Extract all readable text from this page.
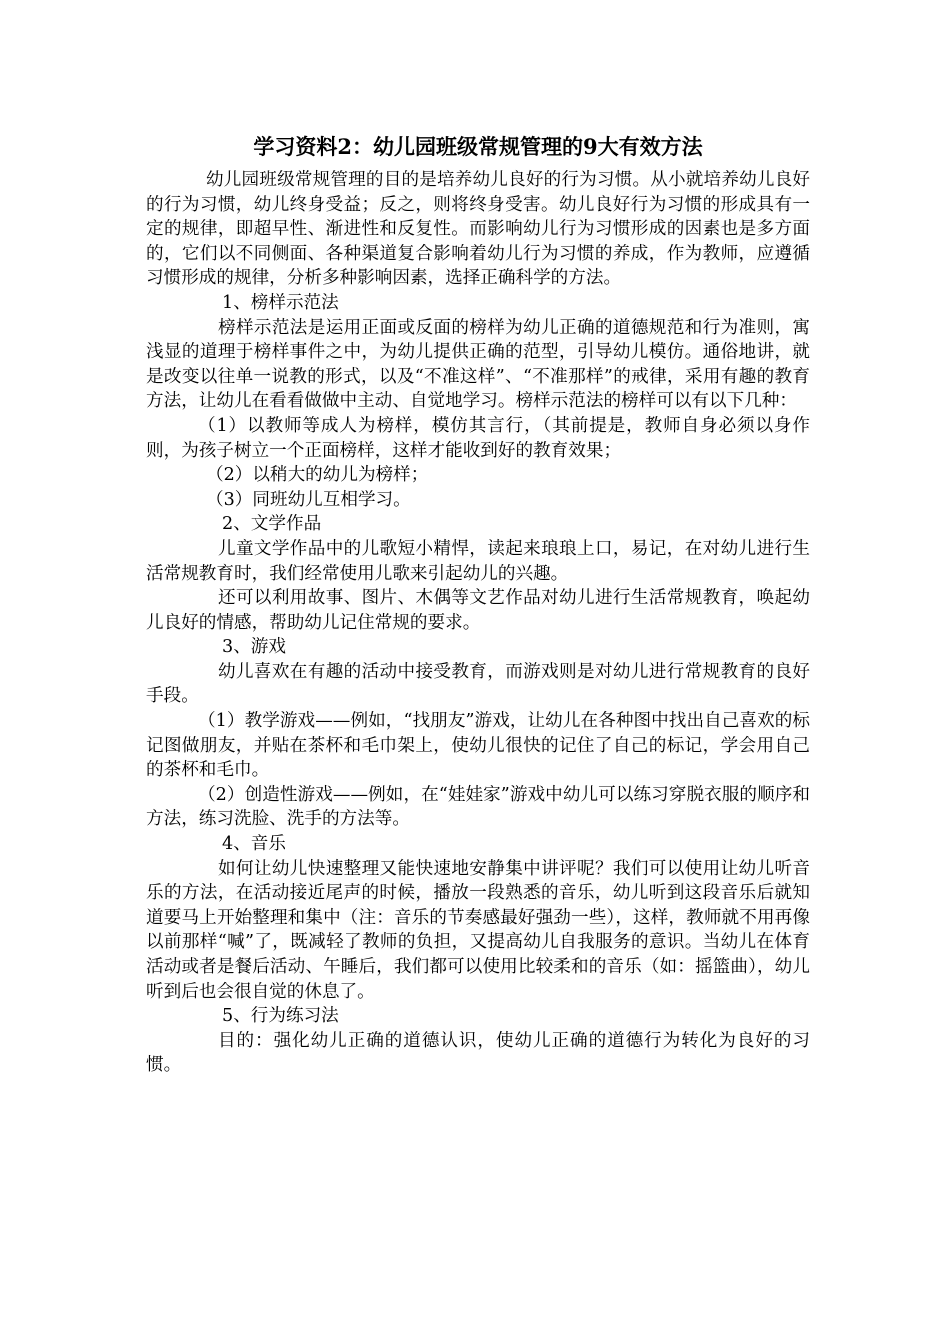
学习资料2：幼儿园班级常规管理的9大有效方法

幼儿园班级常规管理的目的是培养幼儿良好的行为习惯。从小就培养幼儿良好的行为习惯，幼儿终身受益；反之，则将终身受害。幼儿良好行为习惯的形成具有一定的规律，即超早性、渐进性和反复性。而影响幼儿行为习惯形成的因素也是多方面的，它们以不同侧面、各种渠道复合影响着幼儿行为习惯的养成，作为教师，应遵循习惯形成的规律，分析多种影响因素，选择正确科学的方法。

1、榜样示范法

榜样示范法是运用正面或反面的榜样为幼儿正确的道德规范和行为准则，寓浅显的道理于榜样事件之中，为幼儿提供正确的范型，引导幼儿模仿。通俗地讲，就是改变以往单一说教的形式，以及“不准这样”、“不准那样”的戒律，采用有趣的教育方法，让幼儿在看看做做中主动、自觉地学习。榜样示范法的榜样可以有以下几种：

（1）以教师等成人为榜样，模仿其言行，（其前提是，教师自身必须以身作则，为孩子树立一个正面榜样，这样才能收到好的教育效果；

（2）以稍大的幼儿为榜样；

（3）同班幼儿互相学习。

2、文学作品

儿童文学作品中的儿歌短小精悍，读起来琅琅上口，易记，在对幼儿进行生活常规教育时，我们经常使用儿歌来引起幼儿的兴趣。

还可以利用故事、图片、木偶等文艺作品对幼儿进行生活常规教育，唤起幼儿良好的情感，帮助幼儿记住常规的要求。

3、游戏

幼儿喜欢在有趣的活动中接受教育，而游戏则是对幼儿进行常规教育的良好手段。

（1）教学游戏——例如，“找朋友”游戏，让幼儿在各种图中找出自己喜欢的标记图做朋友，并贴在茶杯和毛巾架上，使幼儿很快的记住了自己的标记，学会用自己的茶杯和毛巾。

（2）创造性游戏——例如，在“娃娃家”游戏中幼儿可以练习穿脱衣服的顺序和方法，练习洗脸、洗手的方法等。

4、音乐

如何让幼儿快速整理又能快速地安静集中讲评呢？我们可以使用让幼儿听音乐的方法，在活动接近尾声的时候，播放一段熟悉的音乐，幼儿听到这段音乐后就知道要马上开始整理和集中（注：音乐的节奏感最好强劲一些），这样，教师就不用再像以前那样“喊”了，既减轻了教师的负担，又提高幼儿自我服务的意识。当幼儿在体育活动或者是餐后活动、午睡后，我们都可以使用比较柔和的音乐（如：摇篮曲），幼儿听到后也会很自觉的休息了。

5、行为练习法

目的：强化幼儿正确的道德认识，使幼儿正确的道德行为转化为良好的习惯。
